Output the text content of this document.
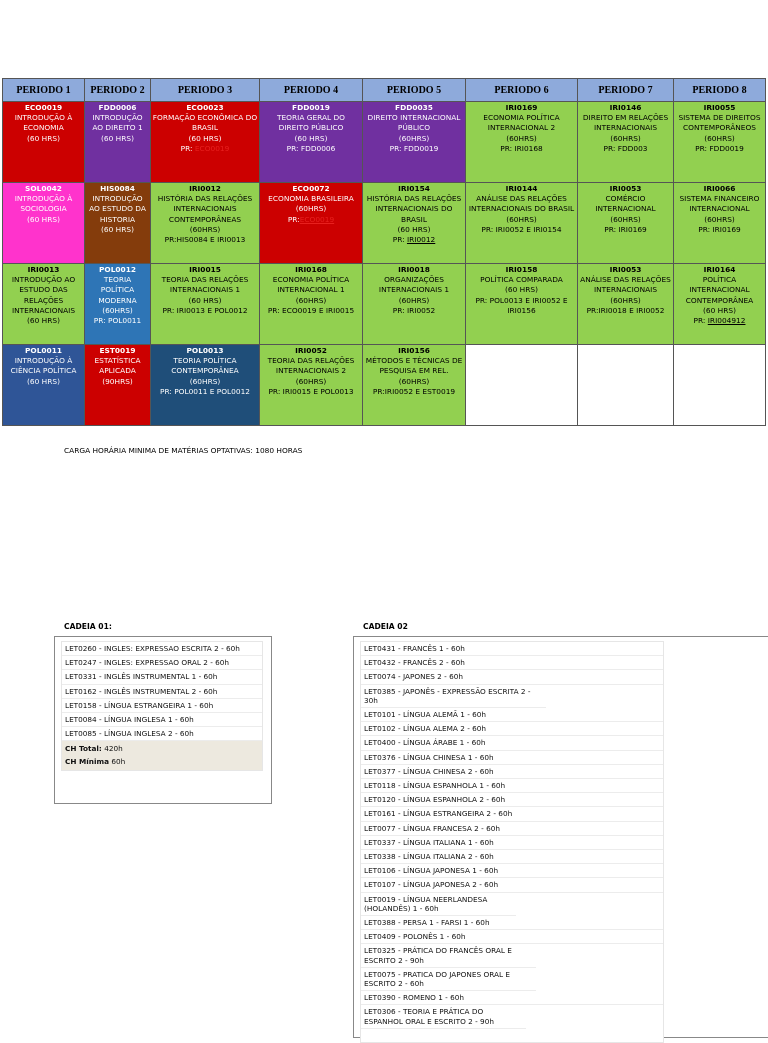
PERIODO 1	PERIODO 2	PERIODO 3	PERIODO 4	PERIODO 5	PERIODO 6	PERIODO 7	PERIODO 8

ECO0019
INTRODUÇÃO À ECONOMIA
(60 HRS)	FDD0006
INTRODUÇÃO AO DIREITO 1
(60 HRS)	ECO0023
FORMAÇÃO ECONÔMICA DO BRASIL
(60 HRS)
PR: ECO0019	FDD0019
TEORIA GERAL DO DIREITO PÚBLICO
(60 HRS)
PR: FDD0006	FDD0035
DIREITO INTERNACIONAL PÚBLICO
(60HRS)
PR: FDD0019	IRI0169
ECONOMIA POLÍTICA INTERNACIONAL 2
(60HRS)
PR: IRI0168	IRI0146
DIREITO EM RELAÇÕES INTERNACIONAIS
(60HRS)
PR: FDD003	IRI0055
SISTEMA DE DIREITOS CONTEMPORÂNEOS
(60HRS)
PR: FDD0019

SOL0042
INTRODUÇÃO À SOCIOLOGIA
(60 HRS)	HIS0084
INTRODUÇÃO AO ESTUDO DA HISTORIA
(60 HRS)	IRI0012
HISTÓRIA DAS RELAÇÕES INTERNACIONAIS CONTEMPORÂNEAS
(60HRS)
PR:HIS0084 E IRI0013	ECO0072
ECONOMIA BRASILEIRA
(60HRS)
PR:ECO0019	IRI0154
HISTÓRIA DAS RELAÇÕES INTERNACIONAIS DO BRASIL
(60 HRS)
PR: IRI0012	IRI0144
ANÁLISE DAS RELAÇÕES INTERNACIONAIS DO BRASIL
(60HRS)
PR: IRI0052 E IRI0154	IRI0053
COMÉRCIO INTERNACIONAL
(60HRS)
PR: IRI0169	IRI0066
SISTEMA FINANCEIRO INTERNACIONAL
(60HRS)
PR: IRI0169

IRI0013
INTRODUÇÃO AO ESTUDO DAS RELAÇÕES INTERNACIONAIS
(60 HRS)	POL0012
TEORIA POLÍTICA MODERNA
(60HRS)
PR: POL0011	IRI0015
TEORIA DAS RELAÇÕES INTERNACIONAIS 1
(60 HRS)
PR: IRI0013 E POL0012	IRI0168
ECONOMIA POLÍTICA INTERNACIONAL 1
(60HRS)
PR: ECO0019 E IRI0015	IRI0018
ORGANIZAÇÕES INTERNACIONAIS 1
(60HRS)
PR: IRI0052	IRI0158
POLÍTICA COMPARADA
(60 HRS)
PR: POL0013 E IRI0052 E IRI0156	IRI0053
ANÁLISE DAS RELAÇÕES INTERNACIONAIS
(60HRS)
PR:IRI0018 E IRI0052	IRI0164
POLÍTICA INTERNACIONAL CONTEMPORÂNEA
(60 HRS)
PR: IRI004912

POL0011
INTRODUÇÃO À CIÊNCIA POLÍTICA
(60 HRS)	EST0019
ESTATÍSTICA APLICADA
(90HRS)	POL0013
TEORIA POLÍTICA CONTEMPORÂNEA
(60HRS)
PR: POL0011 E POL0012	IRI0052
TEORIA DAS RELAÇÕES INTERNACIONAIS 2
(60HRS)
PR: IRI0015 E POL0013	IRI0156
MÉTODOS E TÉCNICAS DE PESQUISA EM REL.
(60HRS)
PR:IRI0052 E EST0019			

CARGA HORÁRIA MINIMA DE MATÉRIAS OPTATIVAS: 1080 HORAS
CADEIA 01:
LET0260 - INGLES: EXPRESSAO ESCRITA 2 - 60h
LET0247 - INGLES: EXPRESSAO ORAL 2 - 60h
LET0331 - INGLÊS INSTRUMENTAL 1 - 60h
LET0162 - INGLÊS INSTRUMENTAL 2 - 60h
LET0158 - LÍNGUA ESTRANGEIRA 1 - 60h
LET0084 - LÍNGUA INGLESA 1 - 60h
LET0085 - LÍNGUA INGLESA 2 - 60h
CH Total: 420h
CH Mínima 60h
CADEIA 02
LET0431 - FRANCÊS 1 - 60h
LET0432 - FRANCÊS 2 - 60h
LET0074 - JAPONES 2 - 60h
LET0385 - JAPONÊS - EXPRESSÃO ESCRITA 2 - 30h
LET0101 - LÍNGUA ALEMÃ 1 - 60h
LET0102 - LÍNGUA ALEMA 2 - 60h
LET0400 - LÍNGUA ÁRABE 1 - 60h
LET0376 - LÍNGUA CHINESA 1 - 60h
LET0377 - LÍNGUA CHINESA 2 - 60h
LET0118 - LÍNGUA ESPANHOLA 1 - 60h
LET0120 - LÍNGUA ESPANHOLA 2 - 60h
LET0161 - LÍNGUA ESTRANGEIRA 2 - 60h
LET0077 - LÍNGUA FRANCESA 2 - 60h
LET0337 - LÍNGUA ITALIANA 1 - 60h
LET0338 - LÍNGUA ITALIANA 2 - 60h
LET0106 - LÍNGUA JAPONESA 1 - 60h
LET0107 - LÍNGUA JAPONESA 2 - 60h
LET0019 - LÍNGUA NEERLANDESA (HOLANDÊS) 1 - 60h
LET0388 - PERSA 1 - FARSI 1 - 60h
LET0409 - POLONÊS 1 - 60h
LET0325 - PRÁTICA DO FRANCÊS ORAL E ESCRITO 2 - 90h
LET0075 - PRATICA DO JAPONES ORAL E ESCRITO 2 - 60h
LET0390 - ROMENO 1 - 60h
LET0306 - TEORIA E PRÁTICA DO ESPANHOL ORAL E ESCRITO 2 - 90h
